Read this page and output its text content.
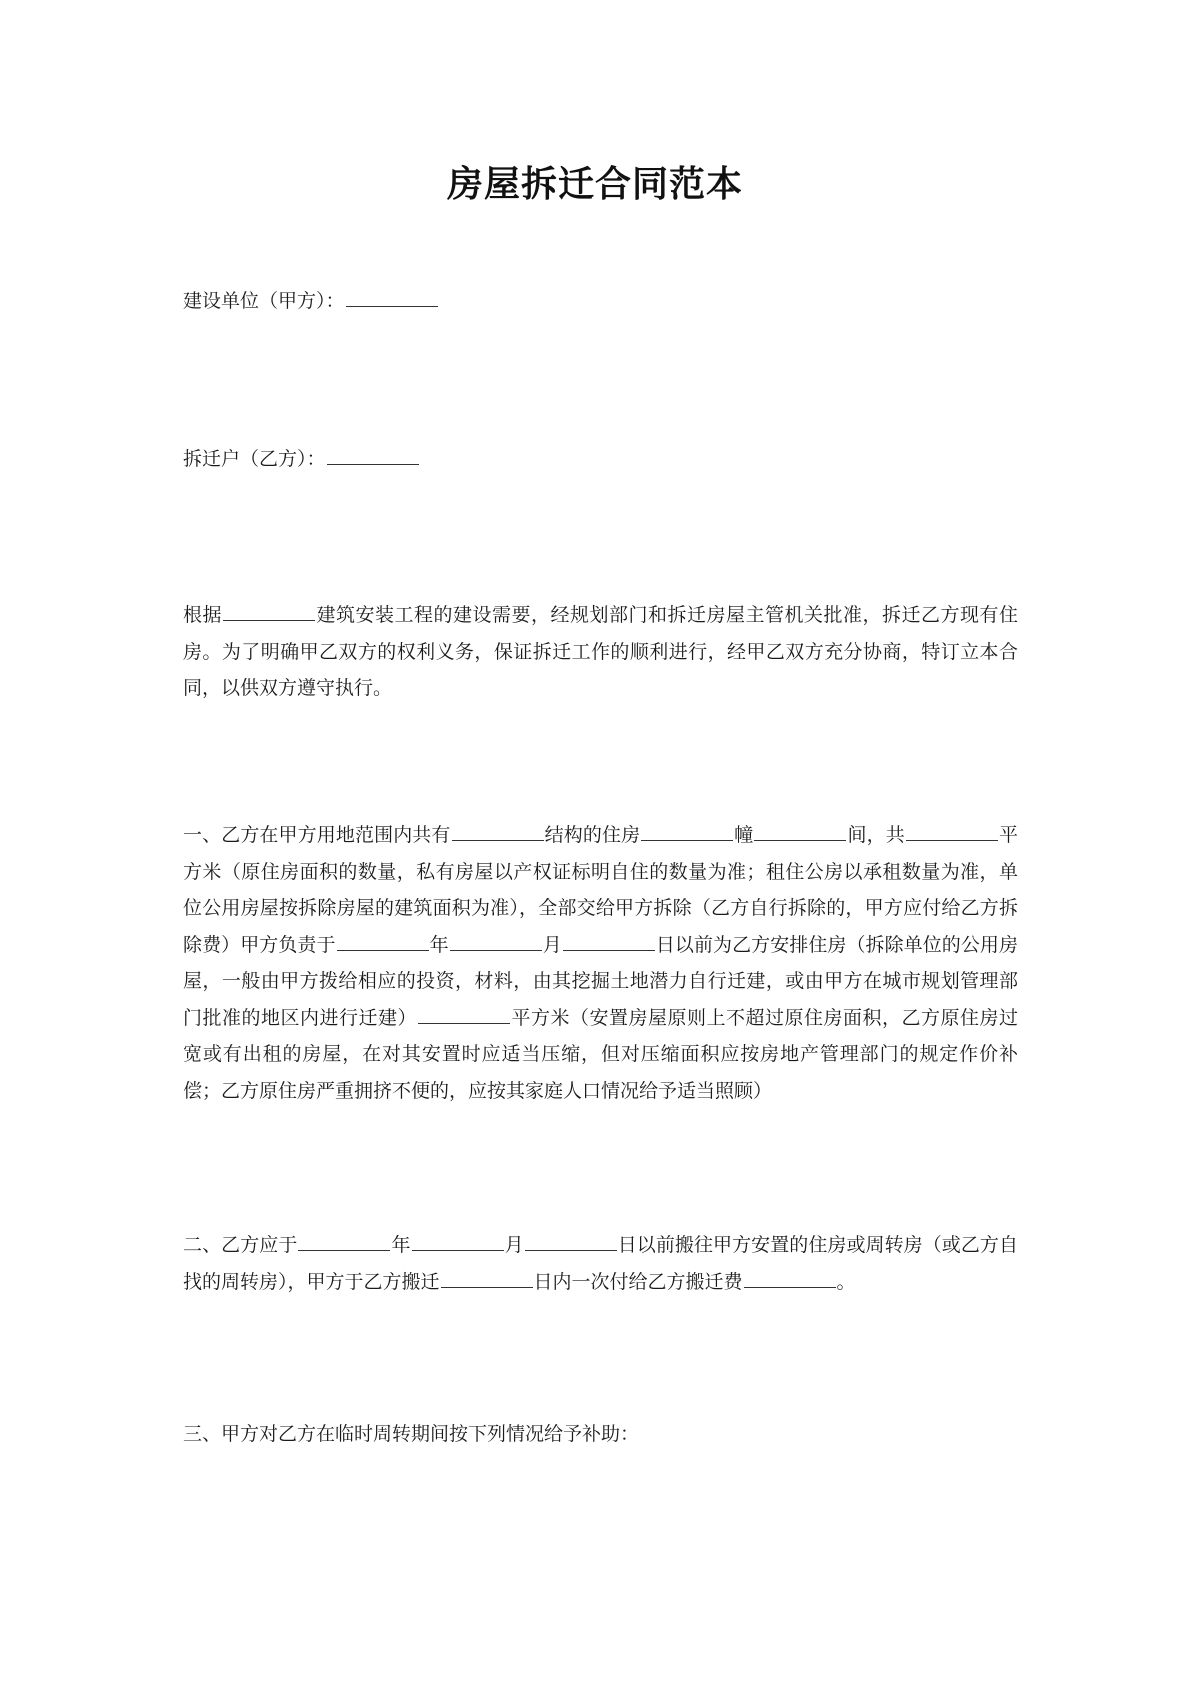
房屋拆迁合同范本
建设单位（甲方）：
拆迁户（乙方）：
根据	建筑安装工程的建设需要，经规划部门和拆迁房屋主管机关批准，拆迁乙方现有住房。为了明确甲乙双方的权利义务，保证拆迁工作的顺利进行，经甲乙双方充分协商，特订立本合同，以供双方遵守执行。
一、乙方在甲方用地范围内共有	结构的住房	幢	间，共	平方米（原住房面积的数量，私有房屋以产权证标明自住的数量为准；租住公房以承租数量为准，单位公用房屋按拆除房屋的建筑面积为准），全部交给甲方拆除（乙方自行拆除的，甲方应付给乙方拆除费）甲方负责于	年	月	日以前为乙方安排住房（拆除单位的公用房屋，一般由甲方拨给相应的投资，材料，由其挖掘土地潜力自行迁建，或由甲方在城市规划管理部门批准的地区内进行迁建）	平方米（安置房屋原则上不超过原住房面积，乙方原住房过宽或有出租的房屋，在对其安置时应适当压缩，但对压缩面积应按房地产管理部门的规定作价补偿；乙方原住房严重拥挤不便的，应按其家庭人口情况给予适当照顾）
二、乙方应于	年	月	日以前搬往甲方安置的住房或周转房（或乙方自找的周转房），甲方于乙方搬迁	日内一次付给乙方搬迁费	。
三、甲方对乙方在临时周转期间按下列情况给予补助：
